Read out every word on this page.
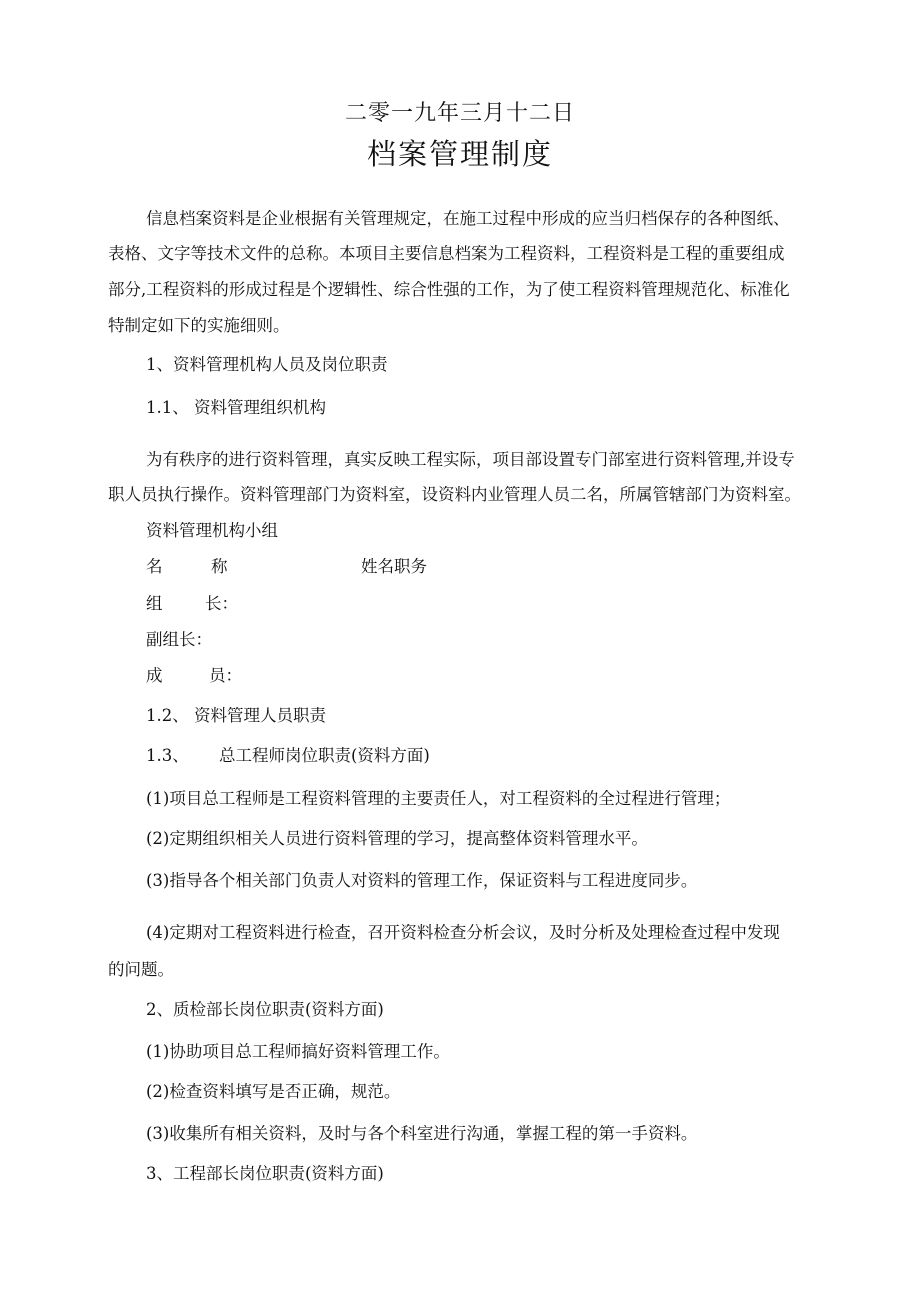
二零一九年三月十二日
档案管理制度
信息档案资料是企业根据有关管理规定，在施工过程中形成的应当归档保存的各种图纸、
表格、文字等技术文件的总称。本项目主要信息档案为工程资料，工程资料是工程的重要组成
部分,工程资料的形成过程是个逻辑性、综合性强的工作，为了使工程资料管理规范化、标准化
特制定如下的实施细则。
1、资料管理机构人员及岗位职责
1.1、 资料管理组织机构
为有秩序的进行资料管理，真实反映工程实际，项目部设置专门部室进行资料管理,并设专
职人员执行操作。资料管理部门为资料室，设资料内业管理人员二名，所属管辖部门为资料室。
资料管理机构小组
名	称	姓名职务
组	长：
副组长：
成	员：
1.2、 资料管理人员职责
1.3、 总工程师岗位职责(资料方面)
(1)项目总工程师是工程资料管理的主要责任人，对工程资料的全过程进行管理；
(2)定期组织相关人员进行资料管理的学习，提高整体资料管理水平。
(3)指导各个相关部门负责人对资料的管理工作，保证资料与工程进度同步。
(4)定期对工程资料进行检查，召开资料检查分析会议，及时分析及处理检查过程中发现
的问题。
2、质检部长岗位职责(资料方面)
(1)协助项目总工程师搞好资料管理工作。
(2)检查资料填写是否正确，规范。
(3)收集所有相关资料，及时与各个科室进行沟通，掌握工程的第一手资料。
3、工程部长岗位职责(资料方面)
